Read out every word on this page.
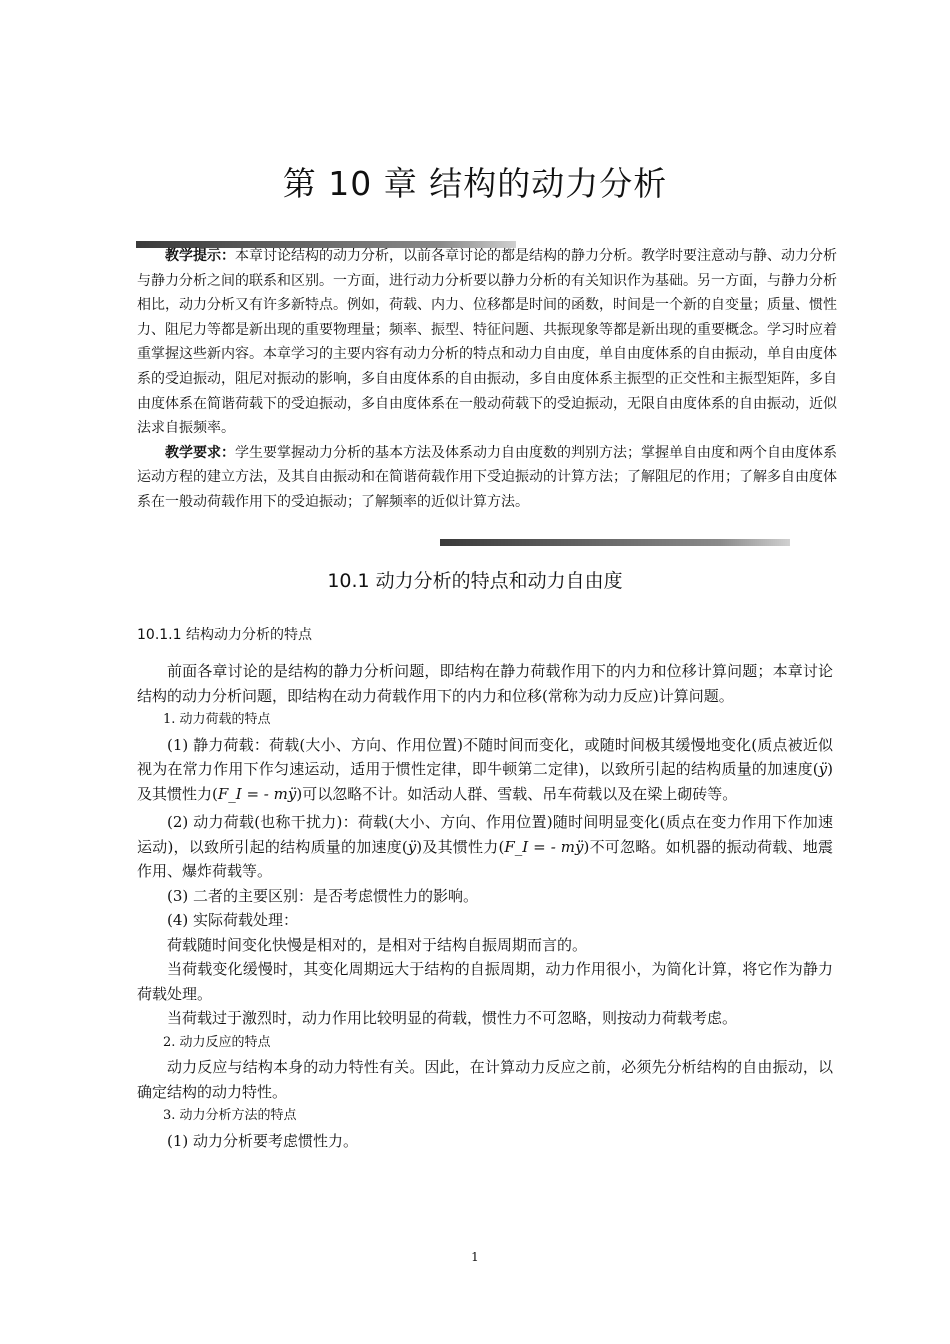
第 10 章 结构的动力分析

教学提示：本章讨论结构的动力分析，以前各章讨论的都是结构的静力分析。教学时要注意动与静、动力分析与静力分析之间的联系和区别。一方面，进行动力分析要以静力分析的有关知识作为基础。另一方面，与静力分析相比，动力分析又有许多新特点。例如，荷载、内力、位移都是时间的函数，时间是一个新的自变量；质量、惯性力、阻尼力等都是新出现的重要物理量；频率、振型、特征问题、共振现象等都是新出现的重要概念。学习时应着重掌握这些新内容。本章学习的主要内容有动力分析的特点和动力自由度，单自由度体系的自由振动，单自由度体系的受迫振动，阻尼对振动的影响，多自由度体系的自由振动，多自由度体系主振型的正交性和主振型矩阵，多自由度体系在简谐荷载下的受迫振动，多自由度体系在一般动荷载下的受迫振动，无限自由度体系的自由振动，近似法求自振频率。

教学要求：学生要掌握动力分析的基本方法及体系动力自由度数的判别方法；掌握单自由度和两个自由度体系运动方程的建立方法，及其自由振动和在简谐荷载作用下受迫振动的计算方法；了解阻尼的作用；了解多自由度体系在一般动荷载作用下的受迫振动；了解频率的近似计算方法。

10.1 动力分析的特点和动力自由度
10.1.1 结构动力分析的特点

前面各章讨论的是结构的静力分析问题，即结构在静力荷载作用下的内力和位移计算问题；本章讨论结构的动力分析问题，即结构在动力荷载作用下的内力和位移(常称为动力反应)计算问题。

1. 动力荷载的特点

(1) 静力荷载：荷载(大小、方向、作用位置)不随时间而变化，或随时间极其缓慢地变化(质点被近似视为在常力作用下作匀速运动，适用于惯性定律，即牛顿第二定律)，以致所引起的结构质量的加速度(ÿ)及其惯性力(F_I = - mÿ)可以忽略不计。如活动人群、雪载、吊车荷载以及在梁上砌砖等。

(2) 动力荷载(也称干扰力)：荷载(大小、方向、作用位置)随时间明显变化(质点在变力作用下作加速运动)，以致所引起的结构质量的加速度(ÿ)及其惯性力(F_I = - mÿ)不可忽略。如机器的振动荷载、地震作用、爆炸荷载等。

(3) 二者的主要区别：是否考虑惯性力的影响。

(4) 实际荷载处理：

荷载随时间变化快慢是相对的，是相对于结构自振周期而言的。

当荷载变化缓慢时，其变化周期远大于结构的自振周期，动力作用很小，为简化计算，将它作为静力荷载处理。

当荷载过于激烈时，动力作用比较明显的荷载，惯性力不可忽略，则按动力荷载考虑。

2. 动力反应的特点

动力反应与结构本身的动力特性有关。因此，在计算动力反应之前，必须先分析结构的自由振动，以确定结构的动力特性。

3. 动力分析方法的特点

(1) 动力分析要考虑惯性力。

1
